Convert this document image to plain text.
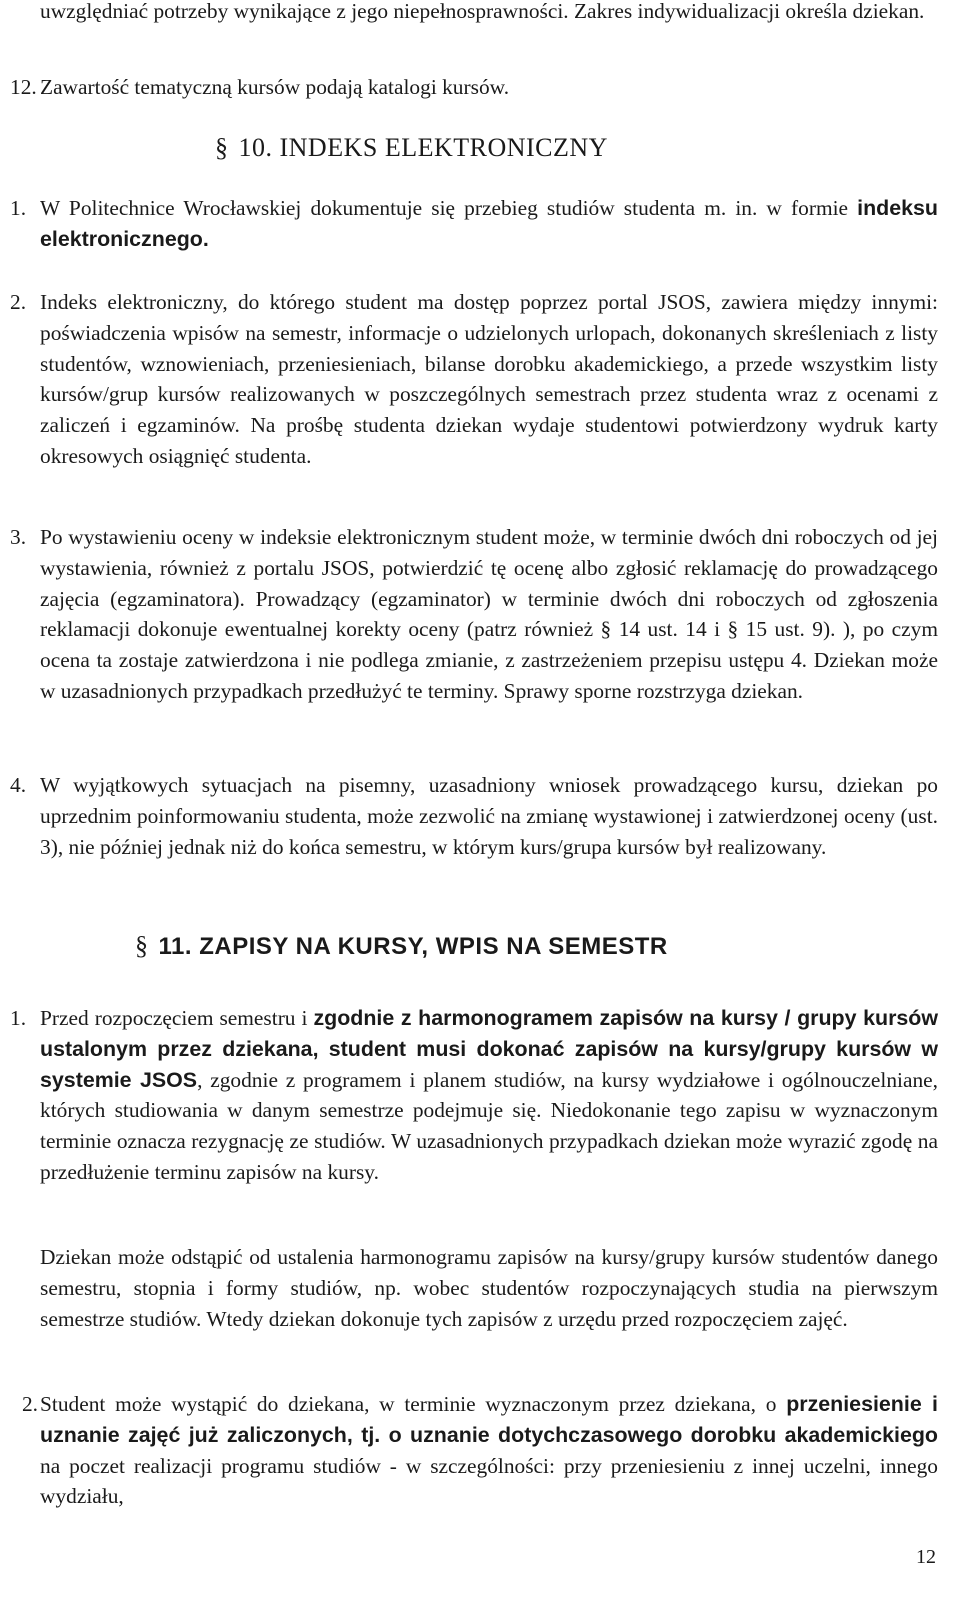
uwzględniać potrzeby wynikające z jego niepełnosprawności. Zakres indywidualizacji określa dziekan.

12. Zawartość tematyczną kursów podają katalogi kursów.

§ 10. INDEKS ELEKTRONICZNY
1. W Politechnice Wrocławskiej dokumentuje się przebieg studiów studenta m. in. w formie indeksu elektronicznego.

2. Indeks elektroniczny, do którego student ma dostęp poprzez portal JSOS, zawiera między innymi: poświadczenia wpisów na semestr, informacje o udzielonych urlopach, dokonanych skreśleniach z listy studentów, wznowieniach, przeniesieniach, bilanse dorobku akademickiego, a przede wszystkim listy kursów/grup kursów realizowanych w poszczególnych semestrach przez studenta wraz z ocenami z zaliczeń i egzaminów. Na prośbę studenta dziekan wydaje studentowi potwierdzony wydruk karty okresowych osiągnięć studenta.

3. Po wystawieniu oceny w indeksie elektronicznym student może, w terminie dwóch dni roboczych od jej wystawienia, również z portalu JSOS, potwierdzić tę ocenę albo zgłosić reklamację do prowadzącego zajęcia (egzaminatora). Prowadzący (egzaminator) w terminie dwóch dni roboczych od zgłoszenia reklamacji dokonuje ewentualnej korekty oceny (patrz również § 14 ust. 14 i § 15 ust. 9). ), po czym ocena ta zostaje zatwierdzona i nie podlega zmianie, z zastrzeżeniem przepisu ustępu 4. Dziekan może w uzasadnionych przypadkach przedłużyć te terminy. Sprawy sporne rozstrzyga dziekan.

4. W wyjątkowych sytuacjach na pisemny, uzasadniony wniosek prowadzącego kursu, dziekan po uprzednim poinformowaniu studenta, może zezwolić na zmianę wystawionej i zatwierdzonej oceny (ust. 3), nie później jednak niż do końca semestru, w którym kurs/grupa kursów był realizowany.

§ 11. ZAPISY NA KURSY, WPIS NA SEMESTR
1. Przed rozpoczęciem semestru i zgodnie z harmonogramem zapisów na kursy / grupy kursów ustalonym przez dziekana, student musi dokonać zapisów na kursy/grupy kursów w systemie JSOS, zgodnie z programem i planem studiów, na kursy wydziałowe i ogólnouczelniane, których studiowania w danym semestrze podejmuje się. Niedokonanie tego zapisu w wyznaczonym terminie oznacza rezygnację ze studiów. W uzasadnionych przypadkach dziekan może wyrazić zgodę na przedłużenie terminu zapisów na kursy.

Dziekan może odstąpić od ustalenia harmonogramu zapisów na kursy/grupy kursów studentów danego semestru, stopnia i formy studiów, np. wobec studentów rozpoczynających studia na pierwszym semestrze studiów. Wtedy dziekan dokonuje tych zapisów z urzędu przed rozpoczęciem zajęć.

2. Student może wystąpić do dziekana, w terminie wyznaczonym przez dziekana, o przeniesienie i uznanie zajęć już zaliczonych, tj. o uznanie dotychczasowego dorobku akademickiego na poczet realizacji programu studiów - w szczególności: przy przeniesieniu z innej uczelni, innego wydziału,

12
